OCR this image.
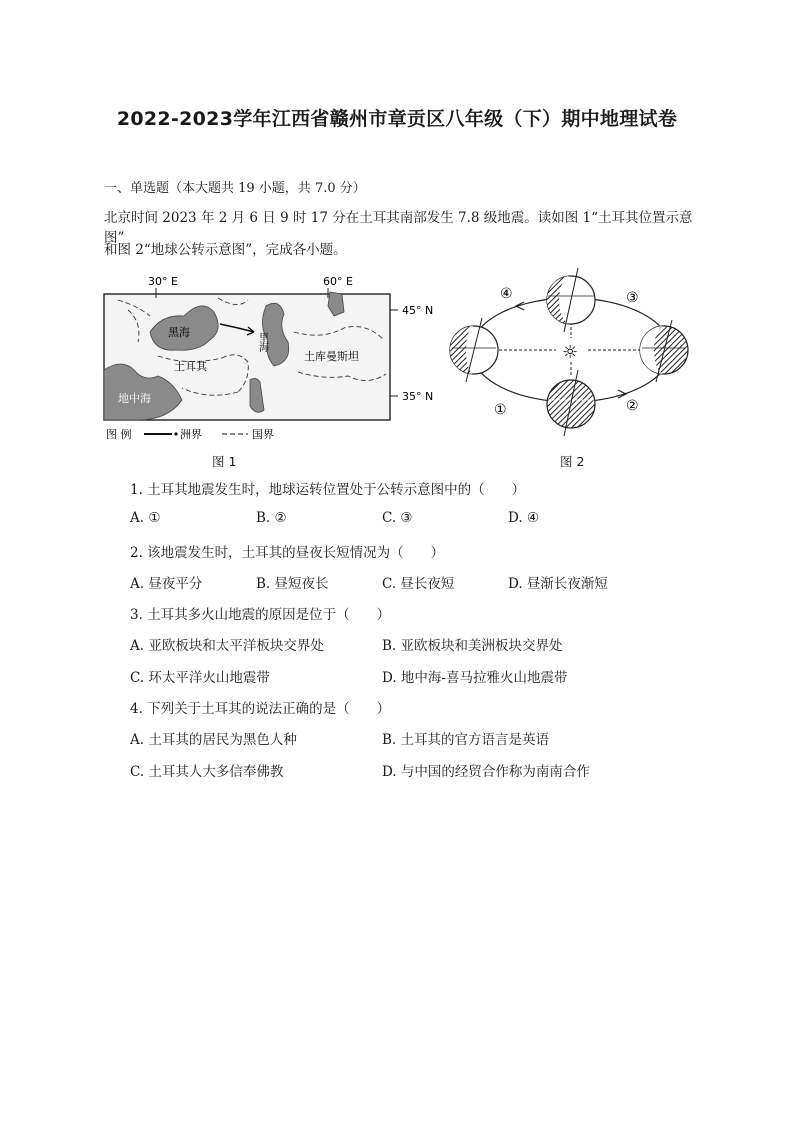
2022-2023学年江西省赣州市章贡区八年级（下）期中地理试卷
一、单选题（本大题共 19 小题，共 7.0 分）
北京时间 2023 年 2 月 6 日 9 时 17 分在土耳其南部发生 7.8 级地震。读如图 1“土耳其位置示意图”
和图 2“地球公转示意图”，完成各小题。
30° E	60° E
45° N
35° N
黑海	里海
土耳其
土库曼斯坦
地中海
图 例	洲界	国界
图 1
☼
④	③
①	②
图 2
1. 土耳其地震发生时，地球运转位置处于公转示意图中的（　　）
A. ①	B. ②	C. ③	D. ④
2. 该地震发生时，土耳其的昼夜长短情况为（　　）
A. 昼夜平分	B. 昼短夜长	C. 昼长夜短	D. 昼渐长夜渐短
3. 土耳其多火山地震的原因是位于（　　）
A. 亚欧板块和太平洋板块交界处	B. 亚欧板块和美洲板块交界处
C. 环太平洋火山地震带	D. 地中海-喜马拉雅火山地震带
4. 下列关于土耳其的说法正确的是（　　）
A. 土耳其的居民为黑色人种	B. 土耳其的官方语言是英语
C. 土耳其人大多信奉佛教	D. 与中国的经贸合作称为南南合作
